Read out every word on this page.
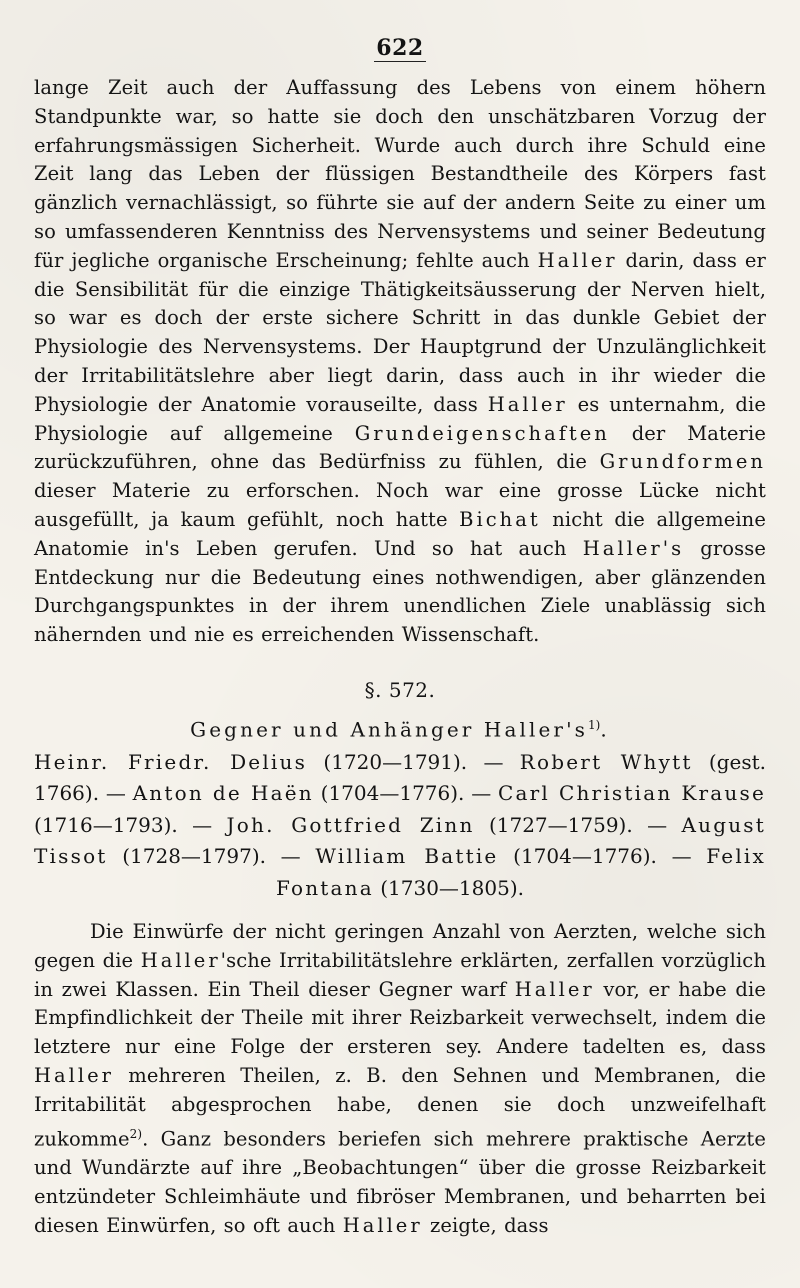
622

lange Zeit auch der Auffassung des Lebens von einem höhern Standpunkte war, so hatte sie doch den unschätzbaren Vorzug der erfahrungsmässigen Sicherheit. Wurde auch durch ihre Schuld eine Zeit lang das Leben der flüssigen Bestandtheile des Körpers fast gänzlich vernachlässigt, so führte sie auf der andern Seite zu einer um so umfassenderen Kenntniss des Nervensystems und seiner Bedeutung für jegliche organische Erscheinung; fehlte auch Haller darin, dass er die Sensibilität für die einzige Thätigkeitsäusserung der Nerven hielt, so war es doch der erste sichere Schritt in das dunkle Gebiet der Physiologie des Nervensystems. Der Hauptgrund der Unzulänglichkeit der Irritabilitätslehre aber liegt darin, dass auch in ihr wieder die Physiologie der Anatomie vorauseilte, dass Haller es unternahm, die Physiologie auf allgemeine Grundeigenschaften der Materie zurückzuführen, ohne das Bedürfniss zu fühlen, die Grundformen dieser Materie zu erforschen. Noch war eine grosse Lücke nicht ausgefüllt, ja kaum gefühlt, noch hatte Bichat nicht die allgemeine Anatomie in's Leben gerufen. Und so hat auch Haller's grosse Entdeckung nur die Bedeutung eines nothwendigen, aber glänzenden Durchgangspunktes in der ihrem unendlichen Ziele unablässig sich nähernden und nie es erreichenden Wissenschaft.

§. 572.
Gegner und Anhänger $Haller's^{1)}$.

Heinr. Friedr. Delius (1720—1791). — Robert Whytt (gest. 1766). — Anton de Haën (1704—1776). — Carl Christian Krause (1716—1793). — Joh. Gottfried Zinn (1727—1759). — August Tissot (1728—1797). — William Battie (1704—1776). — Felix Fontana (1730—1805).

Die Einwürfe der nicht geringen Anzahl von Aerzten, welche sich gegen die Haller'sche Irritabilitätslehre erklärten, zerfallen vorzüglich in zwei Klassen. Ein Theil dieser Gegner warf Haller vor, er habe die Empfindlichkeit der Theile mit ihrer Reizbarkeit verwechselt, indem die letztere nur eine Folge der ersteren sey. Andere tadelten es, dass Haller mehreren Theilen, z. B. den Sehnen und Membranen, die Irritabilität abgesprochen habe, denen sie doch unzweifelhaft zukomme$^{2)}$. Ganz besonders beriefen sich mehrere praktische Aerzte und Wundärzte auf ihre „Beobachtungen“ über die grosse Reizbarkeit entzündeter Schleimhäute und fibröser Membranen, und beharrten bei diesen Einwürfen, so oft auch Haller zeigte, dass
